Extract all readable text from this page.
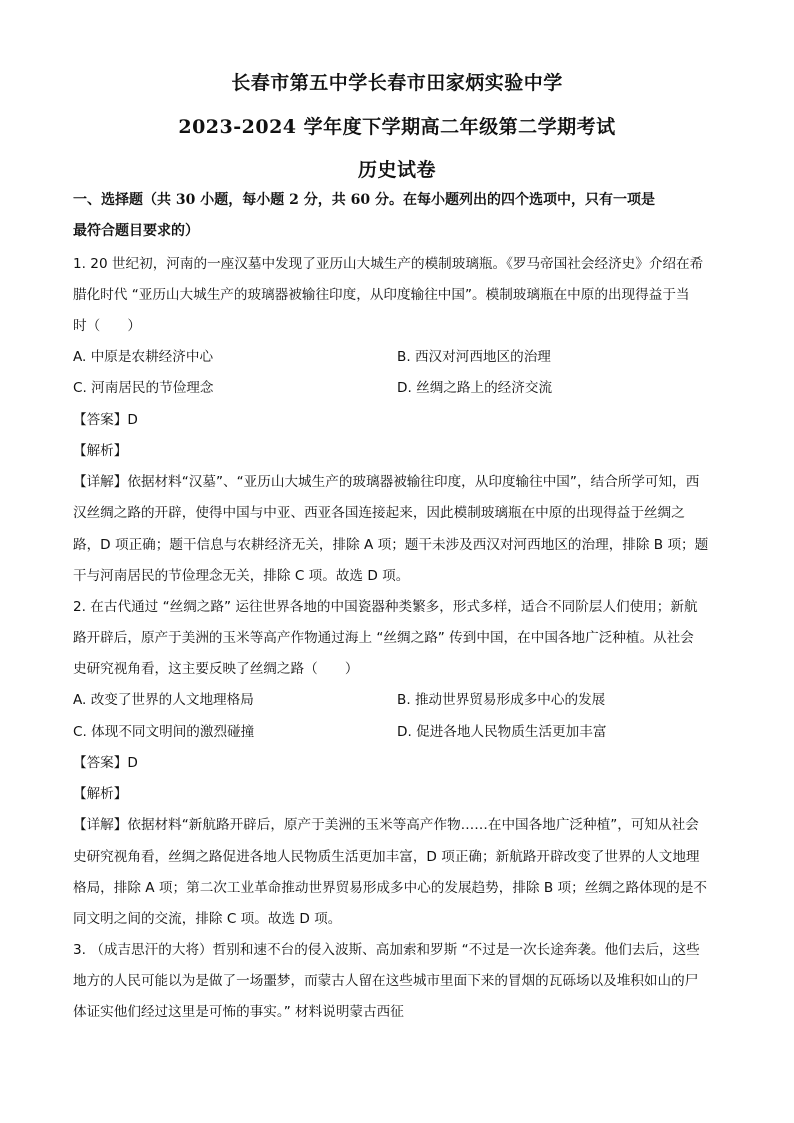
长春市第五中学长春市田家炳实验中学
2023-2024 学年度下学期高二年级第二学期考试
历史试卷
一、选择题（共 30 小题，每小题 2 分，共 60 分。在每小题列出的四个选项中，只有一项是
最符合题目要求的）
1. 20 世纪初，河南的一座汉墓中发现了亚历山大城生产的模制玻璃瓶。《罗马帝国社会经济史》介绍在希
腊化时代 “亚历山大城生产的玻璃器被输往印度，从印度输往中国”。模制玻璃瓶在中原的出现得益于当
时（　　）
A. 中原是农耕经济中心	B. 西汉对河西地区的治理
C. 河南居民的节俭理念	D. 丝绸之路上的经济交流
【答案】D
【解析】
【详解】依据材料“汉墓”、“亚历山大城生产的玻璃器被输往印度，从印度输往中国”，结合所学可知，西
汉丝绸之路的开辟，使得中国与中亚、西亚各国连接起来，因此模制玻璃瓶在中原的出现得益于丝绸之
路，D 项正确；题干信息与农耕经济无关，排除 A 项；题干未涉及西汉对河西地区的治理，排除 B 项；题
干与河南居民的节俭理念无关，排除 C 项。故选 D 项。
2. 在古代通过 “丝绸之路” 运往世界各地的中国瓷器种类繁多，形式多样，适合不同阶层人们使用；新航
路开辟后，原产于美洲的玉米等高产作物通过海上 “丝绸之路” 传到中国，在中国各地广泛种植。从社会
史研究视角看，这主要反映了丝绸之路（　　）
A. 改变了世界的人文地理格局	B. 推动世界贸易形成多中心的发展
C. 体现不同文明间的激烈碰撞	D. 促进各地人民物质生活更加丰富
【答案】D
【解析】
【详解】依据材料“新航路开辟后，原产于美洲的玉米等高产作物……在中国各地广泛种植”，可知从社会
史研究视角看，丝绸之路促进各地人民物质生活更加丰富，D 项正确；新航路开辟改变了世界的人文地理
格局，排除 A 项；第二次工业革命推动世界贸易形成多中心的发展趋势，排除 B 项；丝绸之路体现的是不
同文明之间的交流，排除 C 项。故选 D 项。
3. （成吉思汗的大将）哲别和速不台的侵入波斯、高加索和罗斯 “不过是一次长途奔袭。他们去后，这些
地方的人民可能以为是做了一场噩梦，而蒙古人留在这些城市里面下来的冒烟的瓦砾场以及堆积如山的尸
体证实他们经过这里是可怖的事实。” 材料说明蒙古西征
